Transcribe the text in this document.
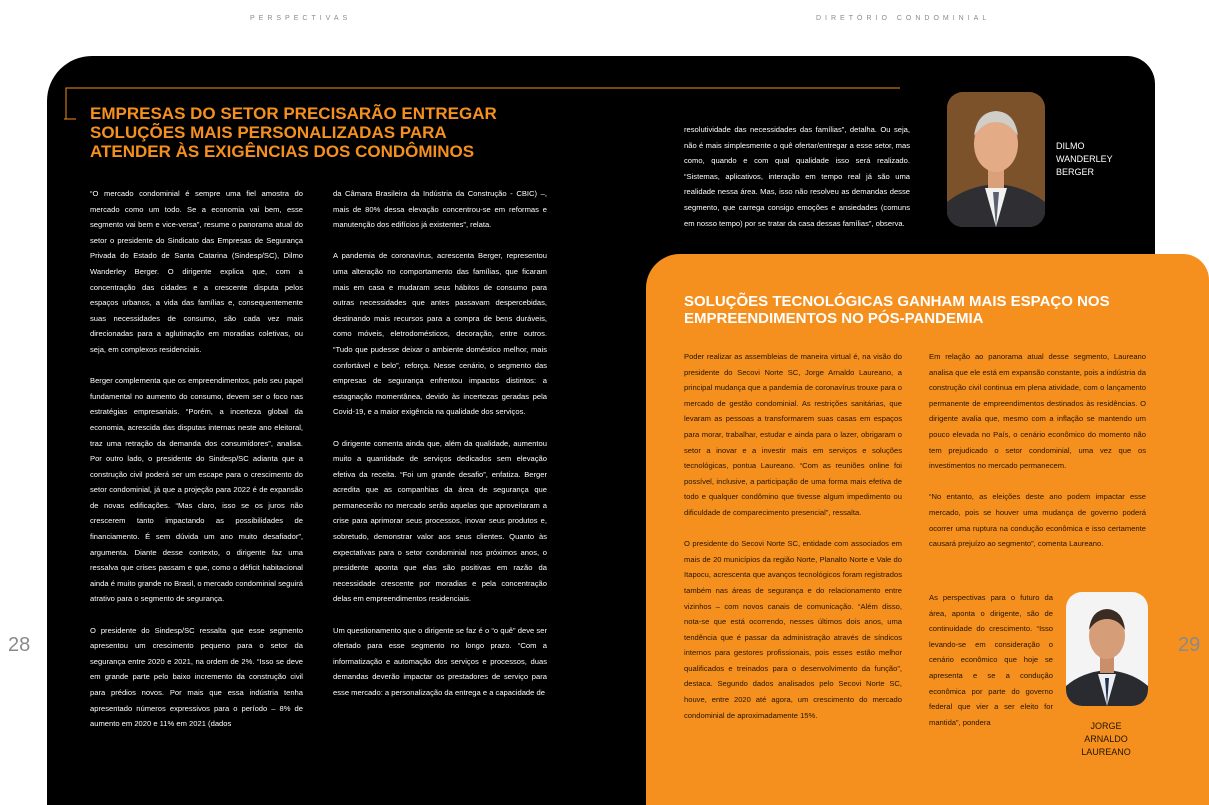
PERSPECTIVAS	DIRETÓRIO CONDOMINIAL
28	29
EMPRESAS DO SETOR PRECISARÃO ENTREGAR SOLUÇÕES MAIS PERSONALIZADAS PARA ATENDER ÀS EXIGÊNCIAS DOS CONDÔMINOS

“O mercado condominial é sempre uma fiel amostra do mercado como um todo. Se a economia vai bem, esse segmento vai bem e vice-versa”, resume o panorama atual do setor o presidente do Sindicato das Empresas de Segurança Privada do Estado de Santa Catarina (Sindesp/SC), Dilmo Wanderley Berger. O dirigente explica que, com a concentração das cidades e a crescente disputa pelos espaços urbanos, a vida das famílias e, consequentemente suas necessidades de consumo, são cada vez mais direcionadas para a aglutinação em moradias coletivas, ou seja, em complexos residenciais.

Berger complementa que os empreendimentos, pelo seu papel fundamental no aumento do consumo, devem ser o foco nas estratégias empresariais. “Porém, a incerteza global da economia, acrescida das disputas internas neste ano eleitoral, traz uma retração da demanda dos consumidores”, analisa. Por outro lado, o presidente do Sindesp/SC adianta que a construção civil poderá ser um escape para o crescimento do setor condominial, já que a projeção para 2022 é de expansão de novas edificações. “Mas claro, isso se os juros não crescerem tanto impactando as possibilidades de financiamento. É sem dúvida um ano muito desafiador”, argumenta. Diante desse contexto, o dirigente faz uma ressalva que crises passam e que, como o déficit habitacional ainda é muito grande no Brasil, o mercado condominial seguirá atrativo para o segmento de segurança.

O presidente do Sindesp/SC ressalta que esse segmento apresentou um crescimento pequeno para o setor da segurança entre 2020 e 2021, na ordem de 2%. “Isso se deve em grande parte pelo baixo incremento da construção civil para prédios novos. Por mais que essa indústria tenha apresentado números expressivos para o período – 8% de aumento em 2020 e 11% em 2021 (dados

da Câmara Brasileira da Indústria da Construção - CBIC) –, mais de 80% dessa elevação concentrou-se em reformas e manutenção dos edifícios já existentes”, relata.

A pandemia de coronavírus, acrescenta Berger, representou uma alteração no comportamento das famílias, que ficaram mais em casa e mudaram seus hábitos de consumo para outras necessidades que antes passavam despercebidas, destinando mais recursos para a compra de bens duráveis, como móveis, eletrodomésticos, decoração, entre outros. “Tudo que pudesse deixar o ambiente doméstico melhor, mais confortável e belo”, reforça. Nesse cenário, o segmento das empresas de segurança enfrentou impactos distintos: a estagnação momentânea, devido às incertezas geradas pela Covid-19, e a maior exigência na qualidade dos serviços.

O dirigente comenta ainda que, além da qualidade, aumentou muito a quantidade de serviços dedicados sem elevação efetiva da receita. “Foi um grande desafio”, enfatiza. Berger acredita que as companhias da área de segurança que permanecerão no mercado serão aquelas que aproveitaram a crise para aprimorar seus processos, inovar seus produtos e, sobretudo, demonstrar valor aos seus clientes. Quanto às expectativas para o setor condominial nos próximos anos, o presidente aponta que elas são positivas em razão da necessidade crescente por moradias e pela concentração delas em empreendimentos residenciais.

Um questionamento que o dirigente se faz é o “o quê” deve ser ofertado para esse segmento no longo prazo. “Com a informatização e automação dos serviços e processos, duas demandas deverão impactar os prestadores de serviço para esse mercado: a personalização da entrega e a capacidade de

resolutividade das necessidades das famílias”, detalha. Ou seja, não é mais simplesmente o quê ofertar/entregar a esse setor, mas como, quando e com qual qualidade isso será realizado. “Sistemas, aplicativos, interação em tempo real já são uma realidade nessa área. Mas, isso não resolveu as demandas desse segmento, que carrega consigo emoções e ansiedades (comuns em nosso tempo) por se tratar da casa dessas famílias”, observa.

DILMO WANDERLEY BERGER
SOLUÇÕES TECNOLÓGICAS GANHAM MAIS ESPAÇO NOS EMPREENDIMENTOS NO PÓS-PANDEMIA

Poder realizar as assembleias de maneira virtual é, na visão do presidente do Secovi Norte SC, Jorge Arnaldo Laureano, a principal mudança que a pandemia de coronavírus trouxe para o mercado de gestão condominial. As restrições sanitárias, que levaram as pessoas a transformarem suas casas em espaços para morar, trabalhar, estudar e ainda para o lazer, obrigaram o setor a inovar e a investir mais em serviços e soluções tecnológicas, pontua Laureano. “Com as reuniões online foi possível, inclusive, a participação de uma forma mais efetiva de todo e qualquer condômino que tivesse algum impedimento ou dificuldade de comparecimento presencial”, ressalta.

O presidente do Secovi Norte SC, entidade com associados em mais de 20 municípios da região Norte, Planalto Norte e Vale do Itapocu, acrescenta que avanços tecnológicos foram registrados também nas áreas de segurança e do relacionamento entre vizinhos – com novos canais de comunicação. “Além disso, nota-se que está ocorrendo, nesses últimos dois anos, uma tendência que é passar da administração através de síndicos internos para gestores profissionais, pois esses estão melhor qualificados e treinados para o desenvolvimento da função”, destaca. Segundo dados analisados pelo Secovi Norte SC, houve, entre 2020 até agora, um crescimento do mercado condominial de aproximadamente 15%.

Em relação ao panorama atual desse segmento, Laureano analisa que ele está em expansão constante, pois a indústria da construção civil continua em plena atividade, com o lançamento permanente de empreendimentos destinados às residências. O dirigente avalia que, mesmo com a inflação se mantendo um pouco elevada no País, o cenário econômico do momento não tem prejudicado o setor condominial, uma vez que os investimentos no mercado permanecem.

“No entanto, as eleições deste ano podem impactar esse mercado, pois se houver uma mudança de governo poderá ocorrer uma ruptura na condução econômica e isso certamente causará prejuízo ao segmento”, comenta Laureano.

As perspectivas para o futuro da área, aponta o dirigente, são de continuidade do crescimento. “Isso levando-se em consideração o cenário econômico que hoje se apresenta e se a condução econômica por parte do governo federal que vier a ser eleito for mantida”, pondera	JORGE ARNALDO LAUREANO
